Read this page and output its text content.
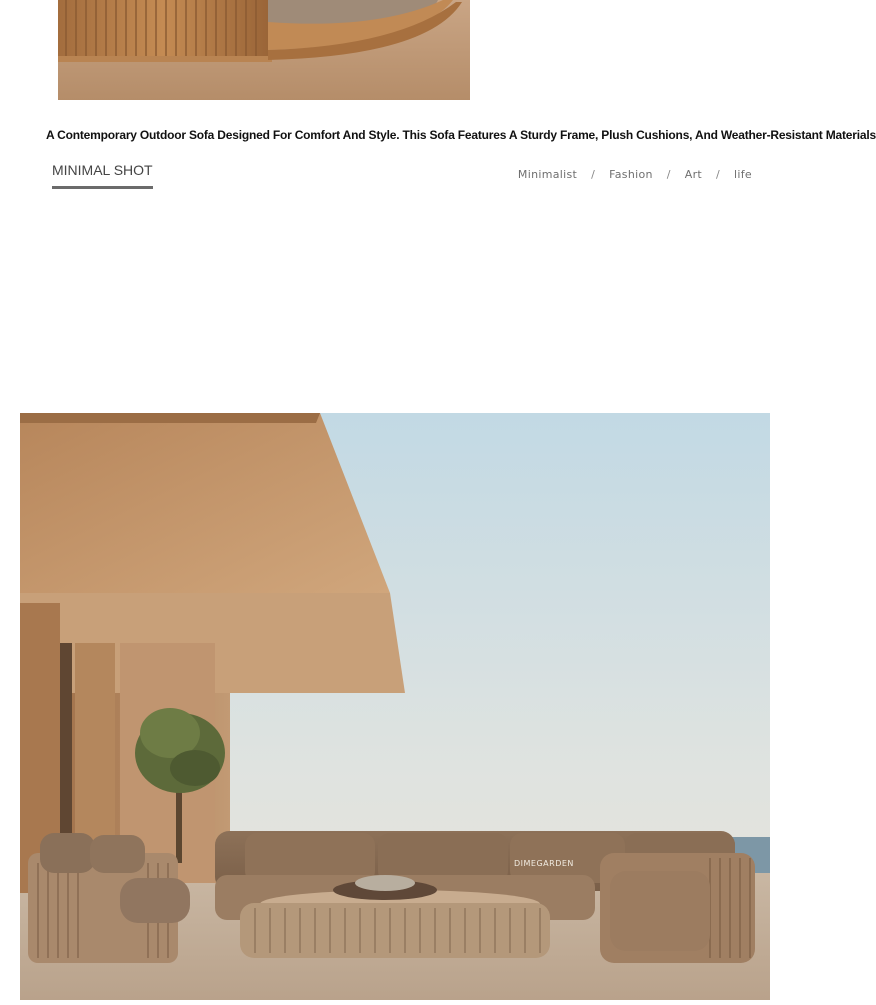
A Contemporary Outdoor Sofa Designed For Comfort And Style. This Sofa Features A Sturdy Frame, Plush Cushions, And Weather-Resistant Materials
MINIMAL SHOT	Minimalist / Fashion / Art / life
DIMEGARDEN
